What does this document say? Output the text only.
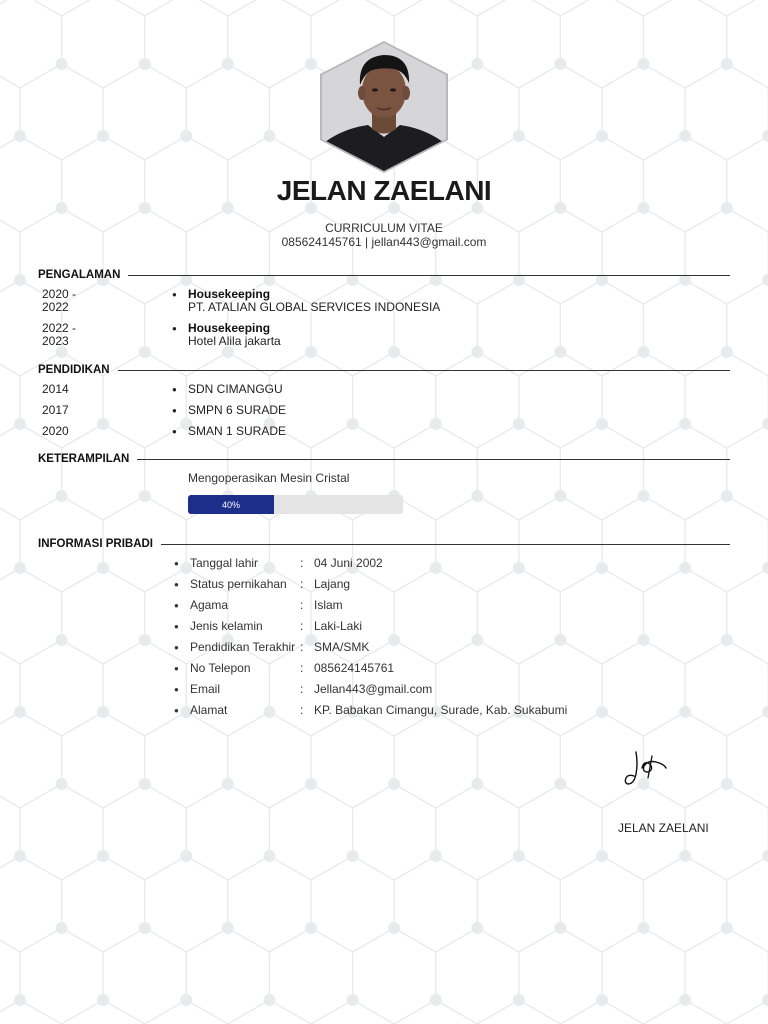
JELAN ZAELANI
CURRICULUM VITAE
085624145761 | jellan443@gmail.com
PENGALAMAN
2020 - 2022
● Housekeeping
PT. ATALIAN GLOBAL SERVICES INDONESIA
2022 - 2023
● Housekeeping
Hotel Alila jakarta
PENDIDIKAN
2014	● SDN CIMANGGU
2017	● SMPN 6 SURADE
2020	● SMAN 1 SURADE
KETERAMPILAN
Mengoperasikan Mesin Cristal
40%
INFORMASI PRIBADI
● Tanggal lahir	: 04 Juni 2002
● Status pernikahan : Lajang
● Agama	: Islam
● Jenis kelamin	: Laki-Laki
● Pendidikan Terakhir : SMA/SMK
● No Telepon	: 085624145761
● Email	: Jellan443@gmail.com
● Alamat	: KP. Babakan Cimangu, Surade, Kab. Sukabumi
JELAN ZAELANI
